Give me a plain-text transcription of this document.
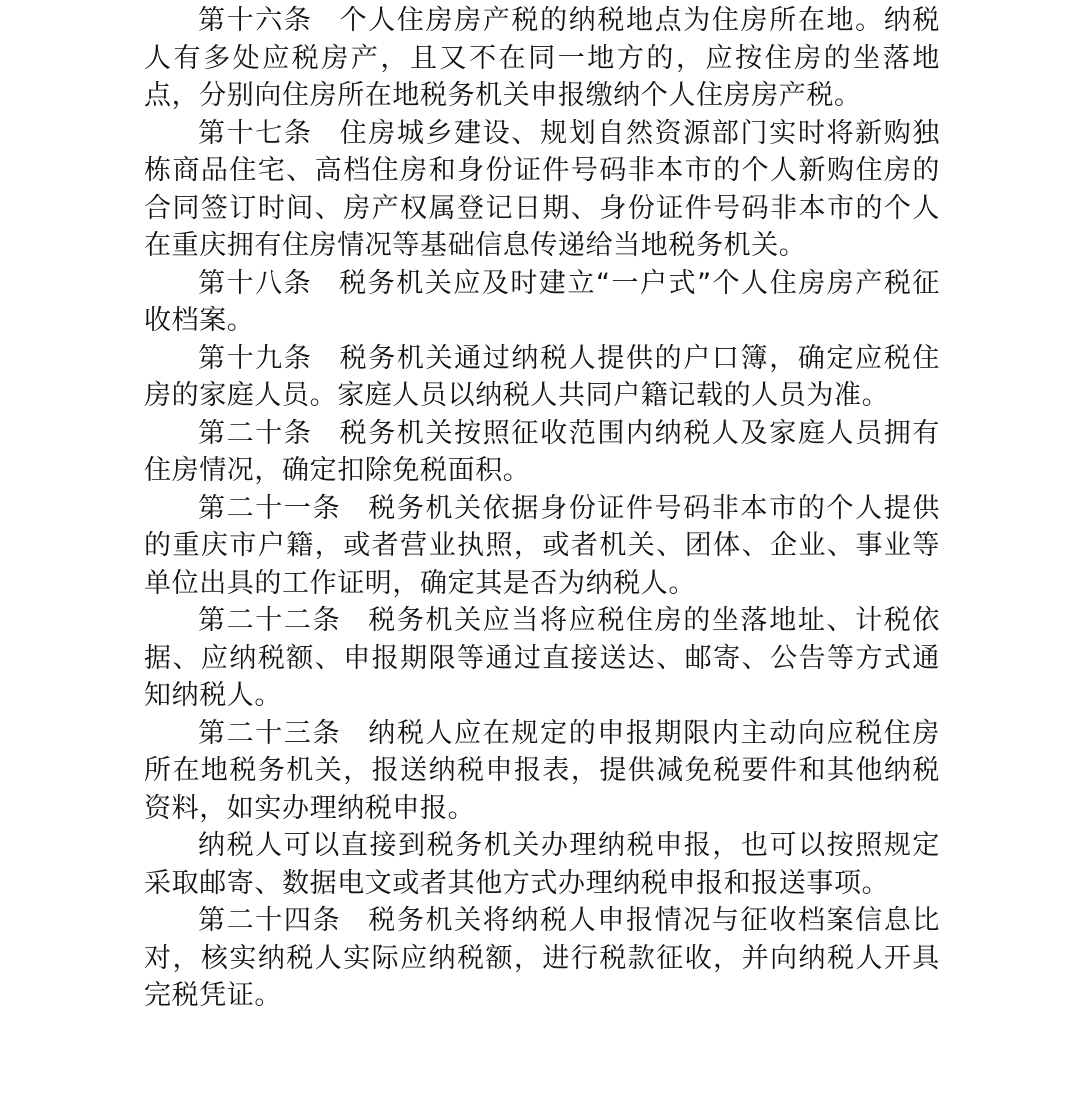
第十六条 个人住房房产税的纳税地点为住房所在地。纳税人有多处应税房产，且又不在同一地方的，应按住房的坐落地点，分别向住房所在地税务机关申报缴纳个人住房房产税。

第十七条 住房城乡建设、规划自然资源部门实时将新购独栋商品住宅、高档住房和身份证件号码非本市的个人新购住房的合同签订时间、房产权属登记日期、身份证件号码非本市的个人在重庆拥有住房情况等基础信息传递给当地税务机关。

第十八条 税务机关应及时建立“一户式”个人住房房产税征收档案。

第十九条 税务机关通过纳税人提供的户口簿，确定应税住房的家庭人员。家庭人员以纳税人共同户籍记载的人员为准。

第二十条 税务机关按照征收范围内纳税人及家庭人员拥有住房情况，确定扣除免税面积。

第二十一条 税务机关依据身份证件号码非本市的个人提供的重庆市户籍，或者营业执照，或者机关、团体、企业、事业等单位出具的工作证明，确定其是否为纳税人。

第二十二条 税务机关应当将应税住房的坐落地址、计税依据、应纳税额、申报期限等通过直接送达、邮寄、公告等方式通知纳税人。

第二十三条 纳税人应在规定的申报期限内主动向应税住房所在地税务机关，报送纳税申报表，提供减免税要件和其他纳税资料，如实办理纳税申报。

纳税人可以直接到税务机关办理纳税申报，也可以按照规定采取邮寄、数据电文或者其他方式办理纳税申报和报送事项。

第二十四条 税务机关将纳税人申报情况与征收档案信息比对，核实纳税人实际应纳税额，进行税款征收，并向纳税人开具完税凭证。
